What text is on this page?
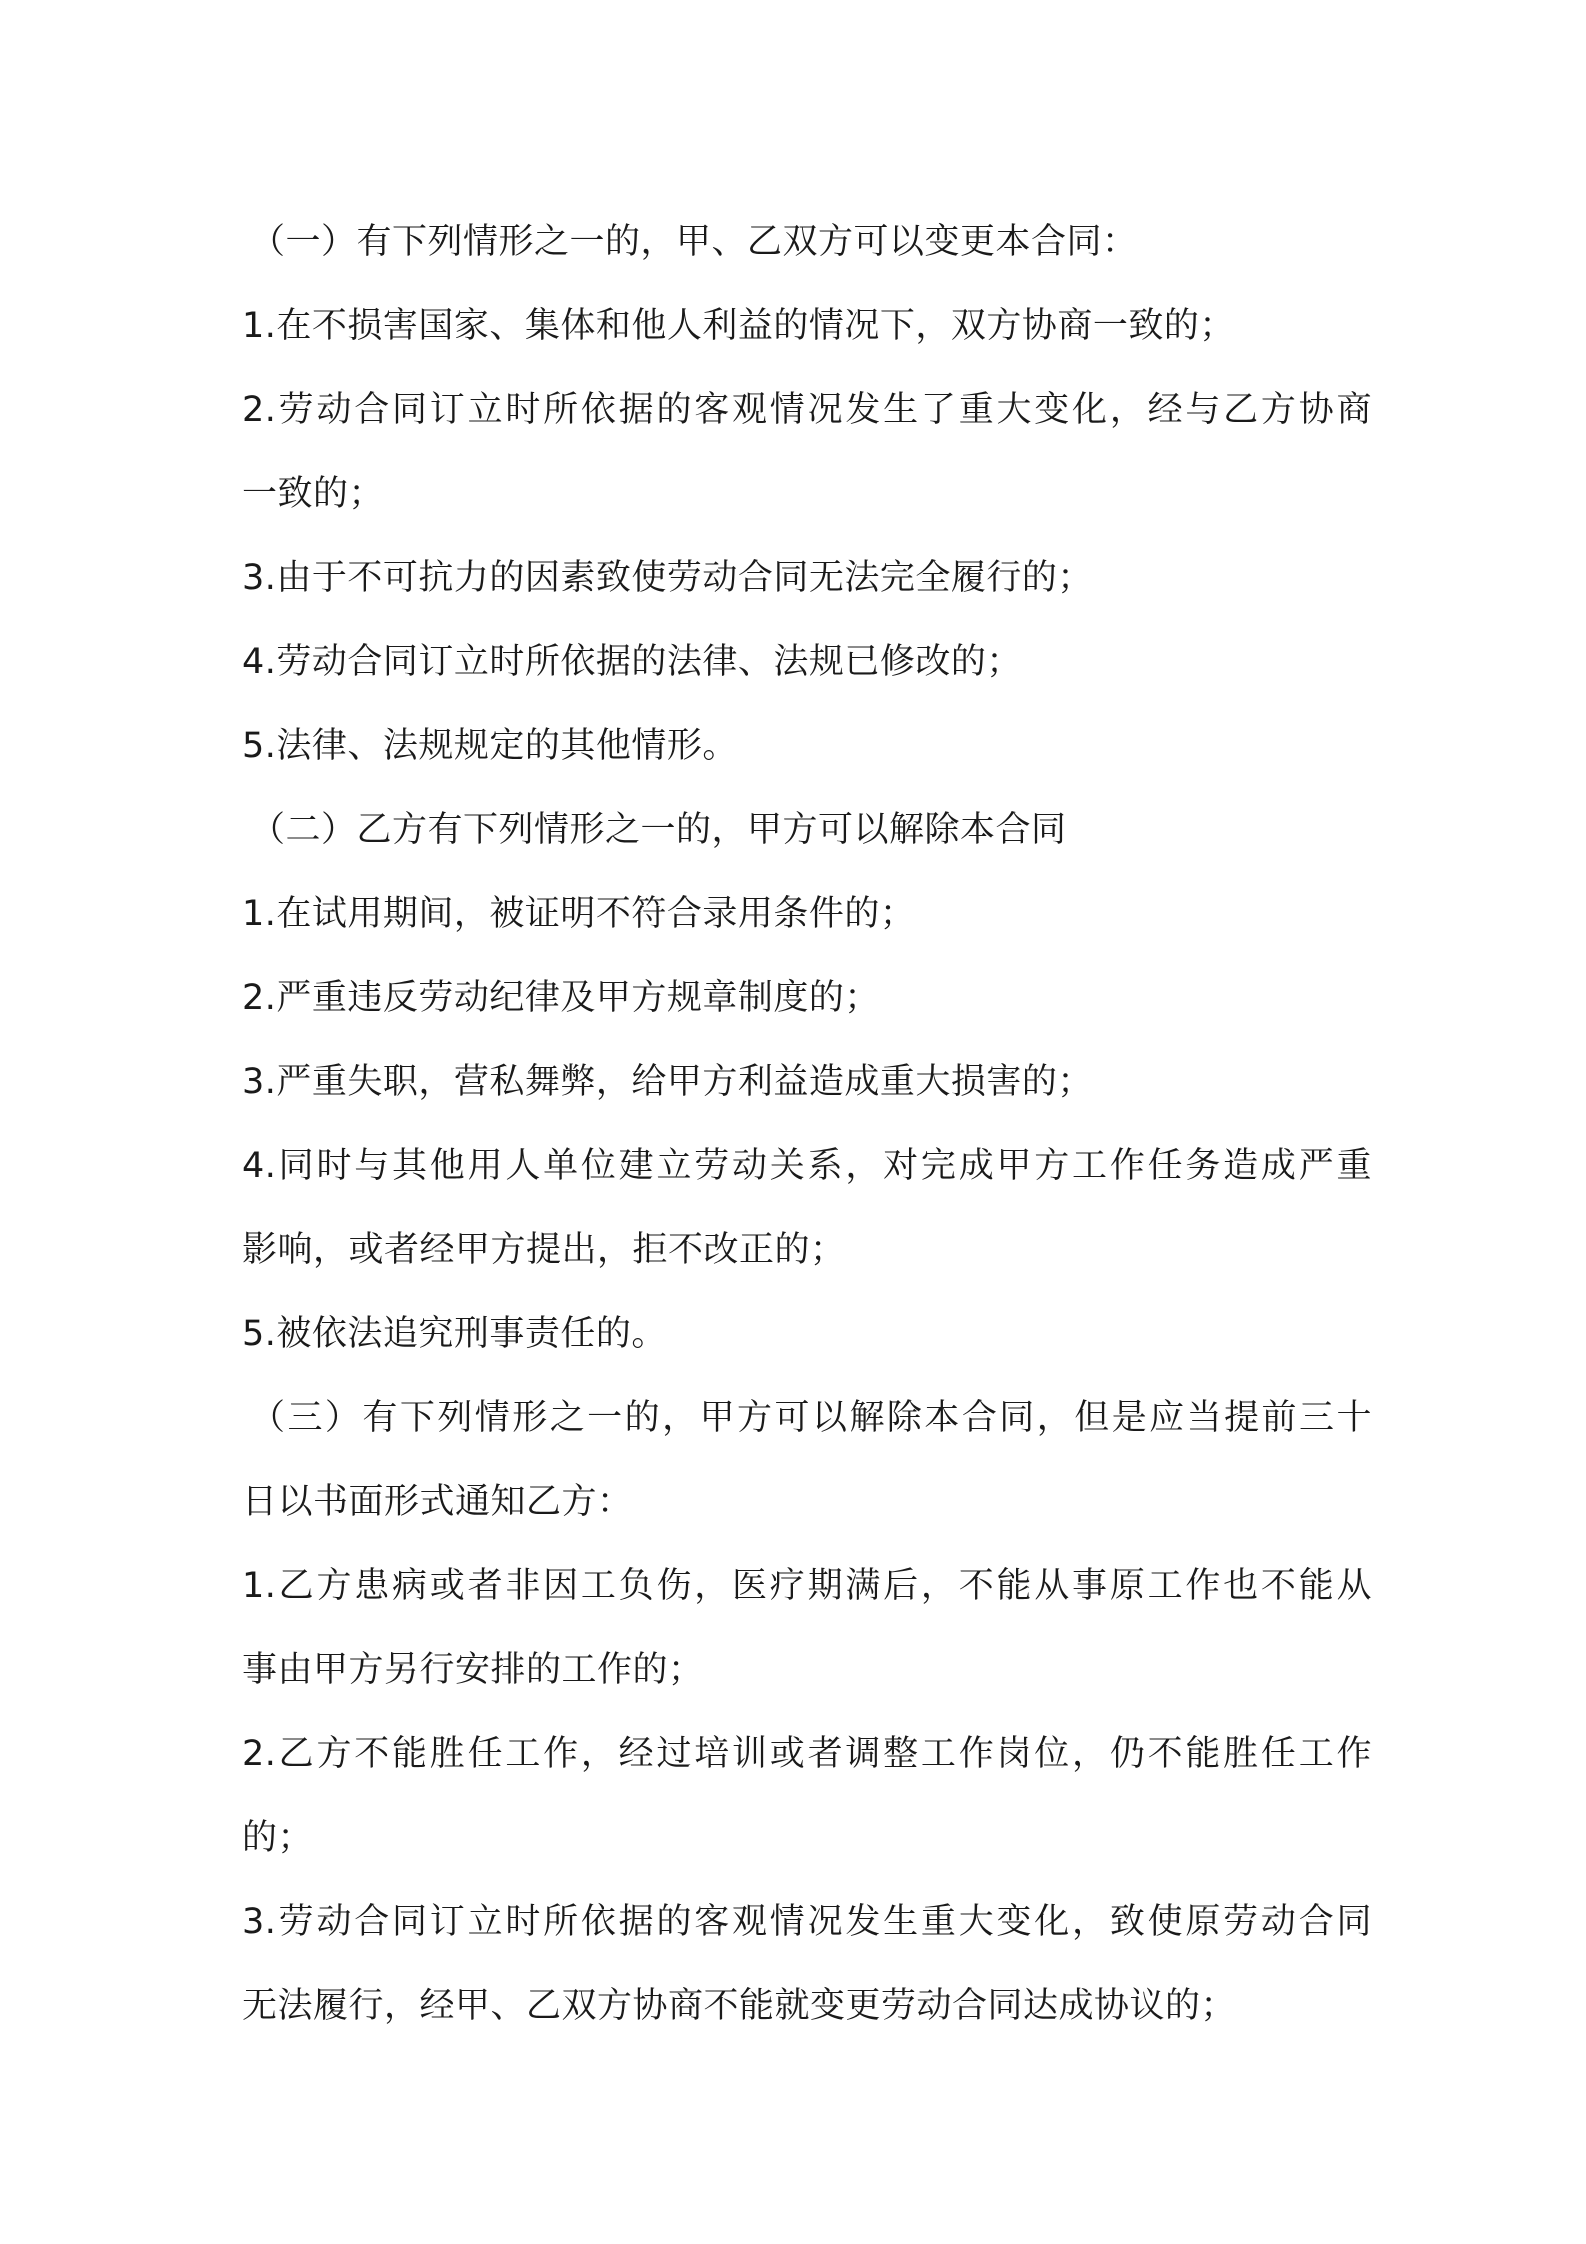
（一）有下列情形之一的，甲、乙双方可以变更本合同：
1.在不损害国家、集体和他人利益的情况下，双方协商一致的；
2.劳动合同订立时所依据的客观情况发生了重大变化，经与乙方协商
一致的；
3.由于不可抗力的因素致使劳动合同无法完全履行的；
4.劳动合同订立时所依据的法律、法规已修改的；
5.法律、法规规定的其他情形。
（二）乙方有下列情形之一的，甲方可以解除本合同
1.在试用期间，被证明不符合录用条件的；
2.严重违反劳动纪律及甲方规章制度的；
3.严重失职，营私舞弊，给甲方利益造成重大损害的；
4.同时与其他用人单位建立劳动关系，对完成甲方工作任务造成严重
影响，或者经甲方提出，拒不改正的；
5.被依法追究刑事责任的。
（三）有下列情形之一的，甲方可以解除本合同，但是应当提前三十
日以书面形式通知乙方：
1.乙方患病或者非因工负伤，医疗期满后，不能从事原工作也不能从
事由甲方另行安排的工作的；
2.乙方不能胜任工作，经过培训或者调整工作岗位，仍不能胜任工作
的；
3.劳动合同订立时所依据的客观情况发生重大变化，致使原劳动合同
无法履行，经甲、乙双方协商不能就变更劳动合同达成协议的；
